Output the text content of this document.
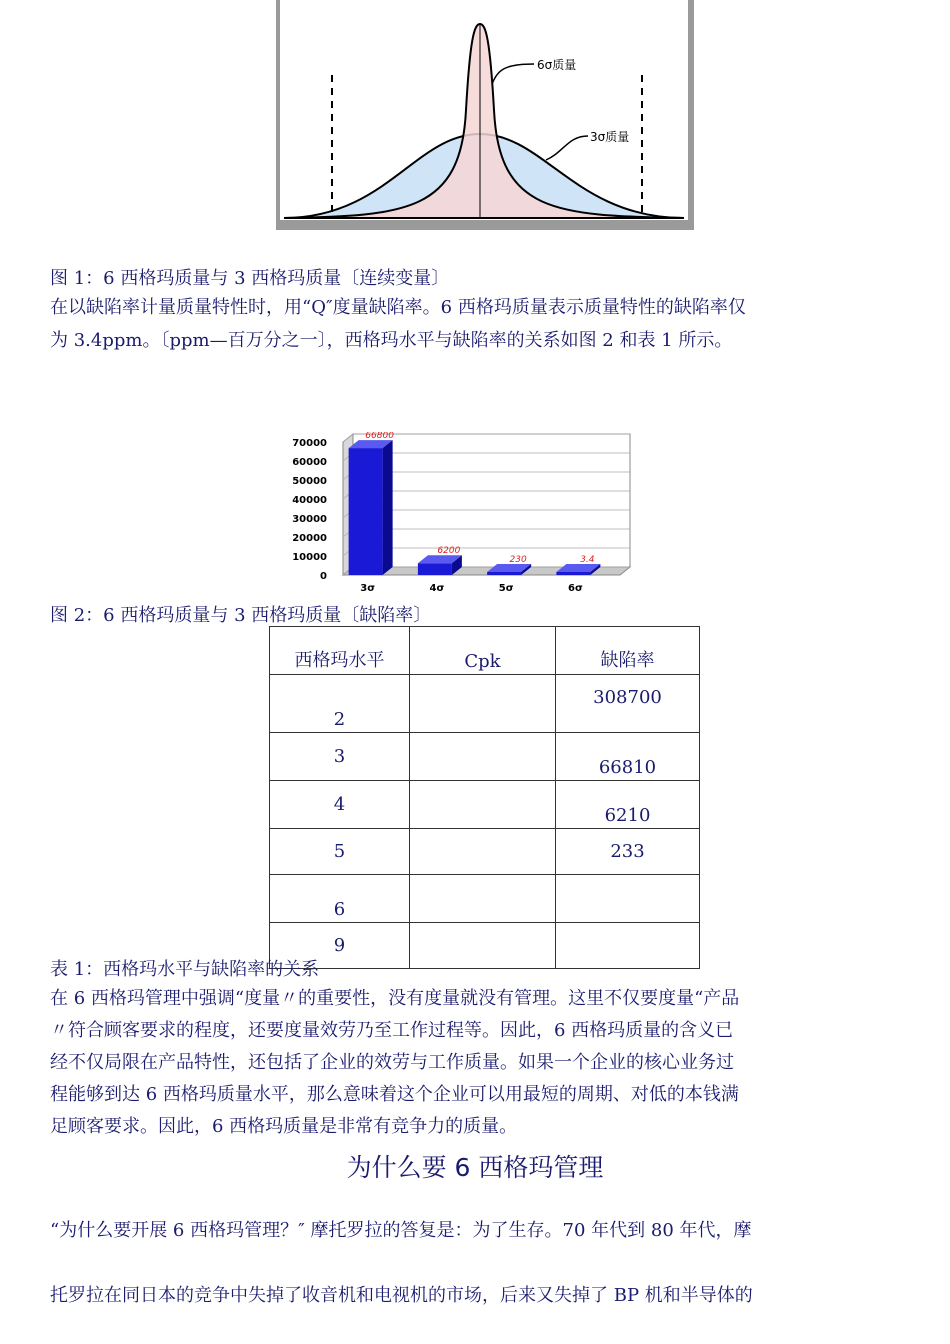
6σ质量
3σ质量
图 1：6 西格玛质量与 3 西格玛质量〔连续变量〕
在以缺陷率计量质量特性时，用“Q″度量缺陷率。6 西格玛质量表示质量特性的缺陷率仅
为 3.4ppm。〔ppm—百万分之一〕，西格玛水平与缺陷率的关系如图 2 和表 1 所示。
70000
60000
50000
40000
30000
20000
10000
0
66800
3σ
6200
4σ
230
5σ
3.4
6σ
图 2：6 西格玛质量与 3 西格玛质量〔缺陷率〕
西格玛水平	Cpk	缺陷率
2		308700
3		66810
4		6210
5		233
6		
9		
表 1：西格玛水平与缺陷率的关系
在 6 西格玛管理中强调“度量〃的重要性，没有度量就没有管理。这里不仅要度量“产品
〃符合顾客要求的程度，还要度量效劳乃至工作过程等。因此，6 西格玛质量的含义已
经不仅局限在产品特性，还包括了企业的效劳与工作质量。如果一个企业的核心业务过
程能够到达 6 西格玛质量水平，那么意味着这个企业可以用最短的周期、对低的本钱满
足顾客要求。因此，6 西格玛质量是非常有竞争力的质量。
为什么要 6 西格玛管理
“为什么要开展 6 西格玛管理？″ 摩托罗拉的答复是：为了生存。70 年代到 80 年代，摩
托罗拉在同日本的竞争中失掉了收音机和电视机的市场，后来又失掉了 BP 机和半导体的
